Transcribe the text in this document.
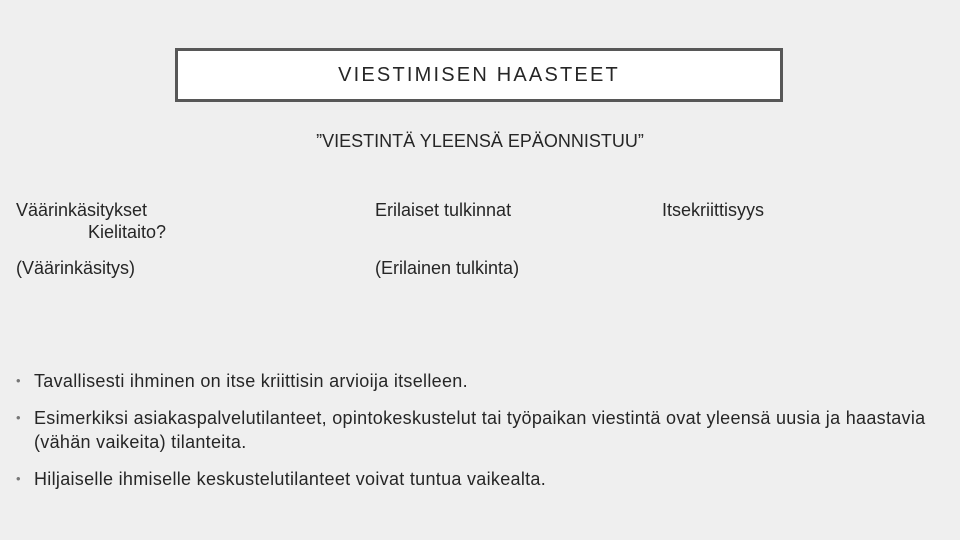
VIESTIMISEN HAASTEET
”VIESTINTÄ YLEENSÄ EPÄONNISTUU”
Väärinkäsitykset
Kielitaito?
(Väärinkäsitys)
Erilaiset tulkinnat
(Erilainen tulkinta)
Itsekriittisyys
• Tavallisesti ihminen on itse kriittisin arvioija itselleen.
• Esimerkiksi asiakaspalvelutilanteet, opintokeskustelut tai työpaikan viestintä ovat yleensä uusia ja haastavia (vähän vaikeita) tilanteita.
• Hiljaiselle ihmiselle keskustelutilanteet voivat tuntua vaikealta.
